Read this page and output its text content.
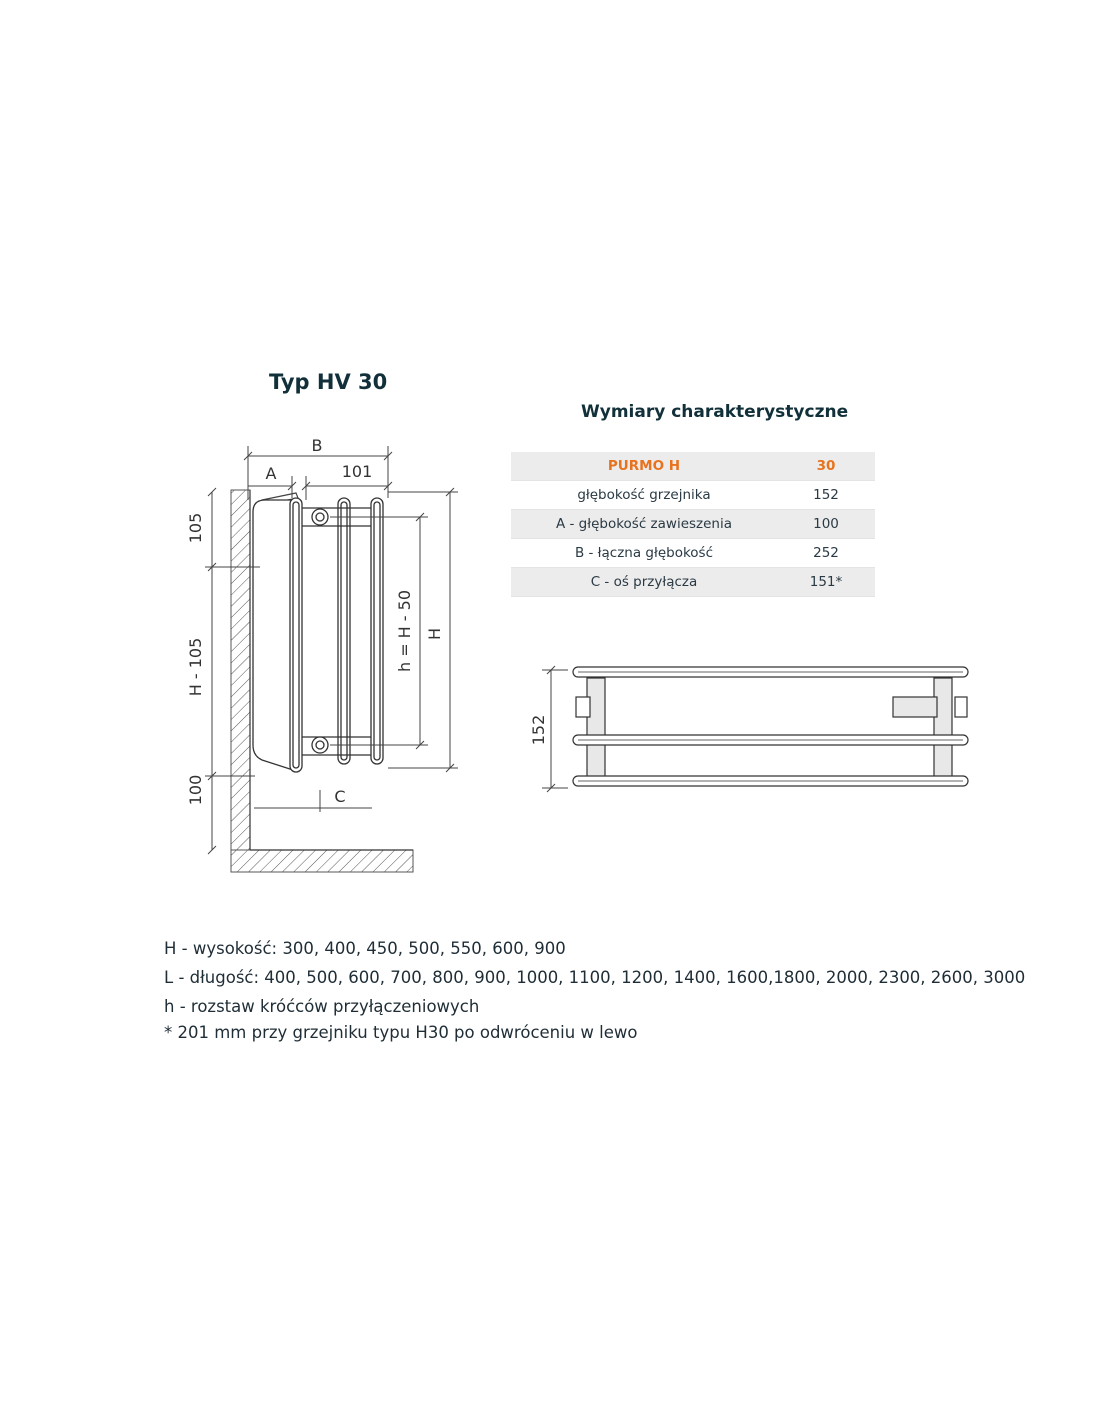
Typ HV 30
B
A	101
105
H - 105
100
h = H - 50 H
C
Wymiary charakterystyczne
PURMO H	30
głębokość grzejnika	152
A - głębokość zawieszenia	100
B - łączna głębokość	252
C - oś przyłącza	151*
152

H - wysokość: 300, 400, 450, 500, 550, 600, 900

L - długość: 400, 500, 600, 700, 800, 900, 1000, 1100, 1200, 1400, 1600,1800, 2000, 2300, 2600, 3000

h - rozstaw króćców przyłączeniowych

* 201 mm przy grzejniku typu H30 po odwróceniu w lewo
